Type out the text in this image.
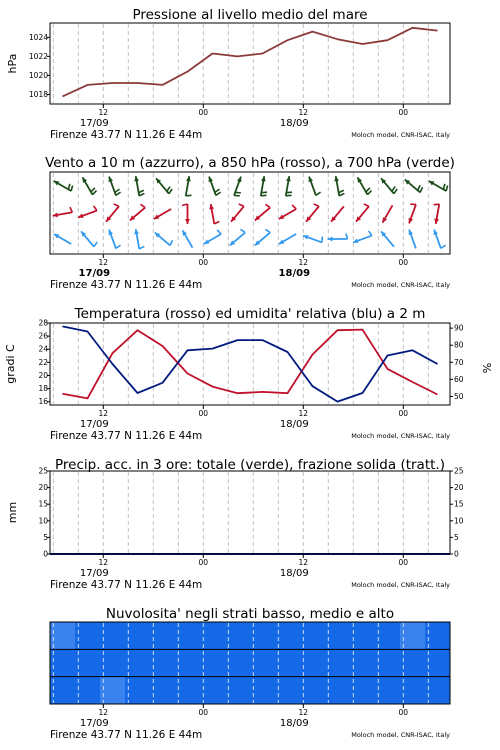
Pressione al livello medio del mare
hPa
1018
1020
1022
1024
12	00	12	00
17/09	18/09
Firenze 43.77 N 11.26 E 44m	Moloch model, CNR-ISAC, Italy
Vento a 10 m (azzurro), a 850 hPa (rosso), a 700 hPa (verde)
12	00	12	00
17/09	18/09
Firenze 43.77 N 11.26 E 44m	Moloch model, CNR-ISAC, Italy
Temperatura (rosso) ed umidita' relativa (blu) a 2 m
gradi C	%
16
18
20
22
24
26
28
50
60
70
80
90
12	00	12	00
17/09	18/09
Firenze 43.77 N 11.26 E 44m	Moloch model, CNR-ISAC, Italy
Precip. acc. in 3 ore: totale (verde), frazione solida (tratt.)
mm
0
5
10
15
20
25
0
5
10
15
20
25
12	00	12	00
17/09	18/09
Firenze 43.77 N 11.26 E 44m	Moloch model, CNR-ISAC, Italy
Nuvolosita' negli strati basso, medio e alto
12	00	12	00
17/09	18/09
Firenze 43.77 N 11.26 E 44m	Moloch model, CNR-ISAC, Italy
